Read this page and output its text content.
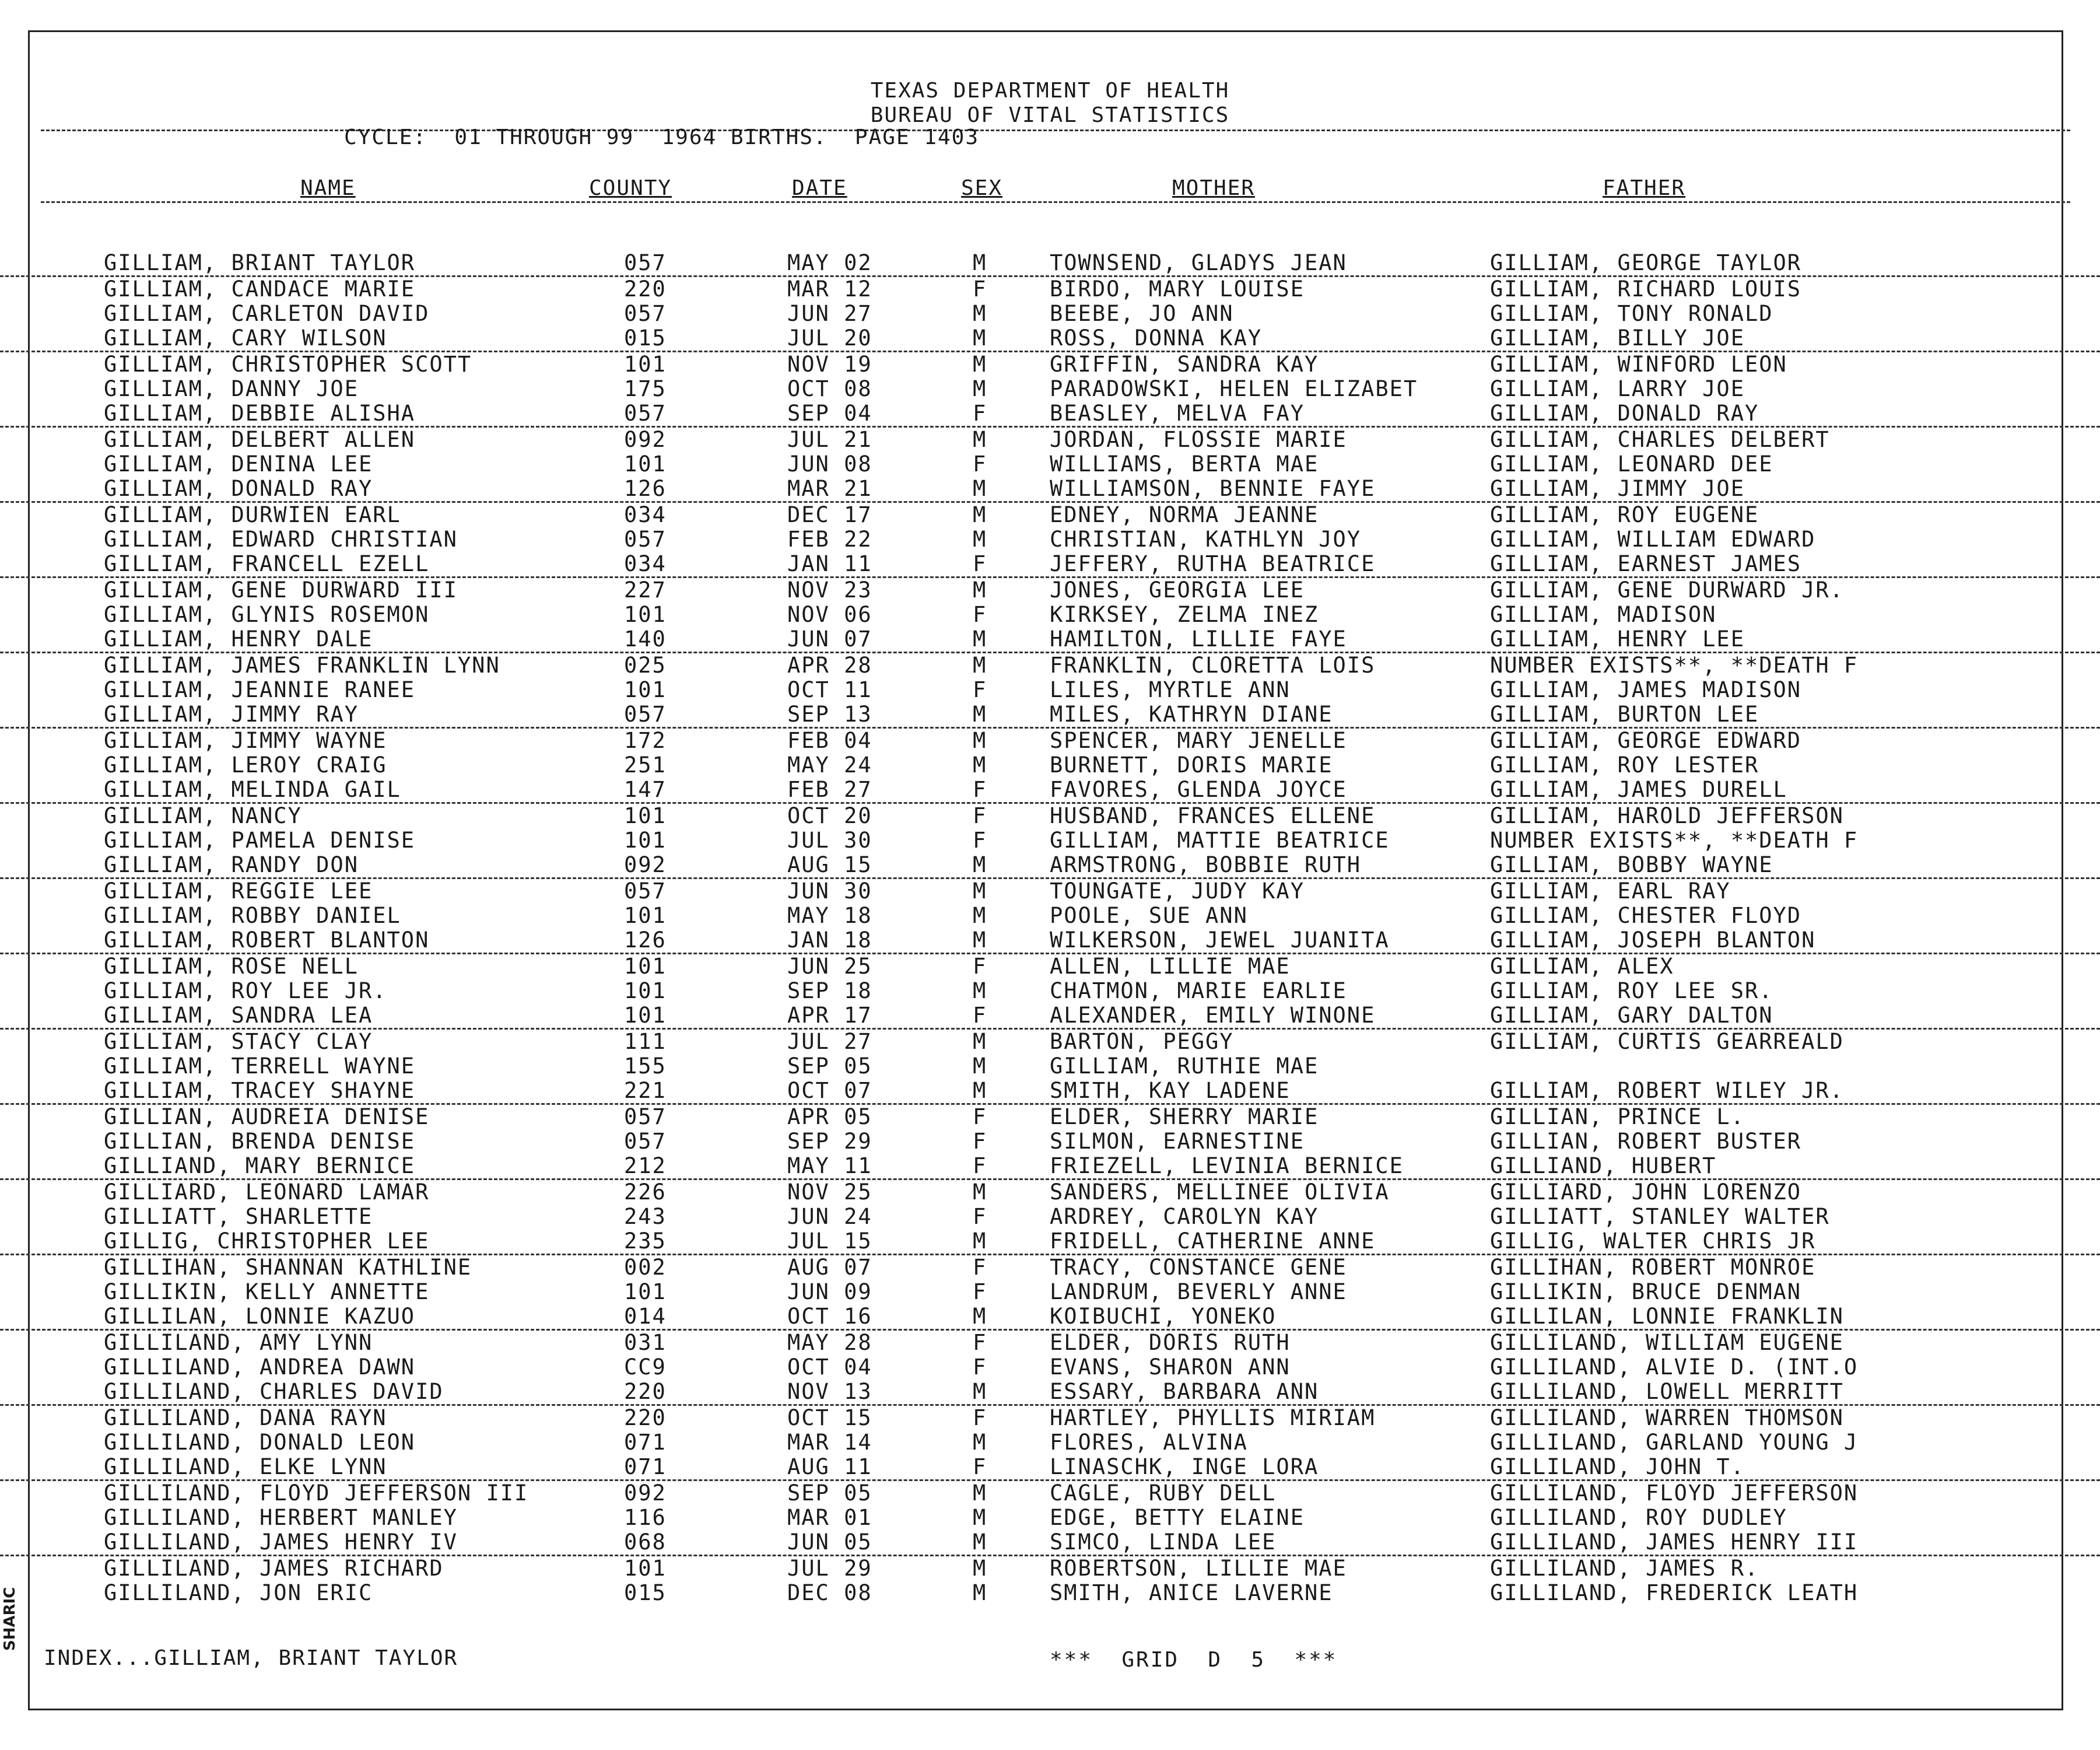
TEXAS DEPARTMENT OF HEALTH
BUREAU OF VITAL STATISTICS
CYCLE:  01 THROUGH 99  1964 BIRTHS.  PAGE 1403
NAME	COUNTY	DATE	SEX	MOTHER	FATHER
GILLIAM, BRIANT TAYLOR	057	MAY 02	M	TOWNSEND, GLADYS JEAN	GILLIAM, GEORGE TAYLOR
GILLIAM, CANDACE MARIE	220	MAR 12	F	BIRDO, MARY LOUISE	GILLIAM, RICHARD LOUIS
GILLIAM, CARLETON DAVID	057	JUN 27	M	BEEBE, JO ANN	GILLIAM, TONY RONALD
GILLIAM, CARY WILSON	015	JUL 20	M	ROSS, DONNA KAY	GILLIAM, BILLY JOE
GILLIAM, CHRISTOPHER SCOTT	101	NOV 19	M	GRIFFIN, SANDRA KAY	GILLIAM, WINFORD LEON
GILLIAM, DANNY JOE	175	OCT 08	M	PARADOWSKI, HELEN ELIZABET	GILLIAM, LARRY JOE
GILLIAM, DEBBIE ALISHA	057	SEP 04	F	BEASLEY, MELVA FAY	GILLIAM, DONALD RAY
GILLIAM, DELBERT ALLEN	092	JUL 21	M	JORDAN, FLOSSIE MARIE	GILLIAM, CHARLES DELBERT
GILLIAM, DENINA LEE	101	JUN 08	F	WILLIAMS, BERTA MAE	GILLIAM, LEONARD DEE
GILLIAM, DONALD RAY	126	MAR 21	M	WILLIAMSON, BENNIE FAYE	GILLIAM, JIMMY JOE
GILLIAM, DURWIEN EARL	034	DEC 17	M	EDNEY, NORMA JEANNE	GILLIAM, ROY EUGENE
GILLIAM, EDWARD CHRISTIAN	057	FEB 22	M	CHRISTIAN, KATHLYN JOY	GILLIAM, WILLIAM EDWARD
GILLIAM, FRANCELL EZELL	034	JAN 11	F	JEFFERY, RUTHA BEATRICE	GILLIAM, EARNEST JAMES
GILLIAM, GENE DURWARD III	227	NOV 23	M	JONES, GEORGIA LEE	GILLIAM, GENE DURWARD JR.
GILLIAM, GLYNIS ROSEMON	101	NOV 06	F	KIRKSEY, ZELMA INEZ	GILLIAM, MADISON
GILLIAM, HENRY DALE	140	JUN 07	M	HAMILTON, LILLIE FAYE	GILLIAM, HENRY LEE
GILLIAM, JAMES FRANKLIN LYNN	025	APR 28	M	FRANKLIN, CLORETTA LOIS	NUMBER EXISTS**, **DEATH F
GILLIAM, JEANNIE RANEE	101	OCT 11	F	LILES, MYRTLE ANN	GILLIAM, JAMES MADISON
GILLIAM, JIMMY RAY	057	SEP 13	M	MILES, KATHRYN DIANE	GILLIAM, BURTON LEE
GILLIAM, JIMMY WAYNE	172	FEB 04	M	SPENCER, MARY JENELLE	GILLIAM, GEORGE EDWARD
GILLIAM, LEROY CRAIG	251	MAY 24	M	BURNETT, DORIS MARIE	GILLIAM, ROY LESTER
GILLIAM, MELINDA GAIL	147	FEB 27	F	FAVORES, GLENDA JOYCE	GILLIAM, JAMES DURELL
GILLIAM, NANCY	101	OCT 20	F	HUSBAND, FRANCES ELLENE	GILLIAM, HAROLD JEFFERSON
GILLIAM, PAMELA DENISE	101	JUL 30	F	GILLIAM, MATTIE BEATRICE	NUMBER EXISTS**, **DEATH F
GILLIAM, RANDY DON	092	AUG 15	M	ARMSTRONG, BOBBIE RUTH	GILLIAM, BOBBY WAYNE
GILLIAM, REGGIE LEE	057	JUN 30	M	TOUNGATE, JUDY KAY	GILLIAM, EARL RAY
GILLIAM, ROBBY DANIEL	101	MAY 18	M	POOLE, SUE ANN	GILLIAM, CHESTER FLOYD
GILLIAM, ROBERT BLANTON	126	JAN 18	M	WILKERSON, JEWEL JUANITA	GILLIAM, JOSEPH BLANTON
GILLIAM, ROSE NELL	101	JUN 25	F	ALLEN, LILLIE MAE	GILLIAM, ALEX
GILLIAM, ROY LEE JR.	101	SEP 18	M	CHATMON, MARIE EARLIE	GILLIAM, ROY LEE SR.
GILLIAM, SANDRA LEA	101	APR 17	F	ALEXANDER, EMILY WINONE	GILLIAM, GARY DALTON
GILLIAM, STACY CLAY	111	JUL 27	M	BARTON, PEGGY	GILLIAM, CURTIS GEARREALD
GILLIAM, TERRELL WAYNE	155	SEP 05	M	GILLIAM, RUTHIE MAE
GILLIAM, TRACEY SHAYNE	221	OCT 07	M	SMITH, KAY LADENE	GILLIAM, ROBERT WILEY JR.
GILLIAN, AUDREIA DENISE	057	APR 05	F	ELDER, SHERRY MARIE	GILLIAN, PRINCE L.
GILLIAN, BRENDA DENISE	057	SEP 29	F	SILMON, EARNESTINE	GILLIAN, ROBERT BUSTER
GILLIAND, MARY BERNICE	212	MAY 11	F	FRIEZELL, LEVINIA BERNICE	GILLIAND, HUBERT
GILLIARD, LEONARD LAMAR	226	NOV 25	M	SANDERS, MELLINEE OLIVIA	GILLIARD, JOHN LORENZO
GILLIATT, SHARLETTE	243	JUN 24	F	ARDREY, CAROLYN KAY	GILLIATT, STANLEY WALTER
GILLIG, CHRISTOPHER LEE	235	JUL 15	M	FRIDELL, CATHERINE ANNE	GILLIG, WALTER CHRIS JR
GILLIHAN, SHANNAN KATHLINE	002	AUG 07	F	TRACY, CONSTANCE GENE	GILLIHAN, ROBERT MONROE
GILLIKIN, KELLY ANNETTE	101	JUN 09	F	LANDRUM, BEVERLY ANNE	GILLIKIN, BRUCE DENMAN
GILLILAN, LONNIE KAZUO	014	OCT 16	M	KOIBUCHI, YONEKO	GILLILAN, LONNIE FRANKLIN
GILLILAND, AMY LYNN	031	MAY 28	F	ELDER, DORIS RUTH	GILLILAND, WILLIAM EUGENE
GILLILAND, ANDREA DAWN	CC9	OCT 04	F	EVANS, SHARON ANN	GILLILAND, ALVIE D. (INT.O
GILLILAND, CHARLES DAVID	220	NOV 13	M	ESSARY, BARBARA ANN	GILLILAND, LOWELL MERRITT
GILLILAND, DANA RAYN	220	OCT 15	F	HARTLEY, PHYLLIS MIRIAM	GILLILAND, WARREN THOMSON
GILLILAND, DONALD LEON	071	MAR 14	M	FLORES, ALVINA	GILLILAND, GARLAND YOUNG J
GILLILAND, ELKE LYNN	071	AUG 11	F	LINASCHK, INGE LORA	GILLILAND, JOHN T.
GILLILAND, FLOYD JEFFERSON III	092	SEP 05	M	CAGLE, RUBY DELL	GILLILAND, FLOYD JEFFERSON
GILLILAND, HERBERT MANLEY	116	MAR 01	M	EDGE, BETTY ELAINE	GILLILAND, ROY DUDLEY
GILLILAND, JAMES HENRY IV	068	JUN 05	M	SIMCO, LINDA LEE	GILLILAND, JAMES HENRY III
GILLILAND, JAMES RICHARD	101	JUL 29	M	ROBERTSON, LILLIE MAE	GILLILAND, JAMES R.
GILLILAND, JON ERIC	015	DEC 08	M	SMITH, ANICE LAVERNE	GILLILAND, FREDERICK LEATH
INDEX...GILLIAM, BRIANT TAYLOR	***  GRID  D  5  ***
SHARIC
